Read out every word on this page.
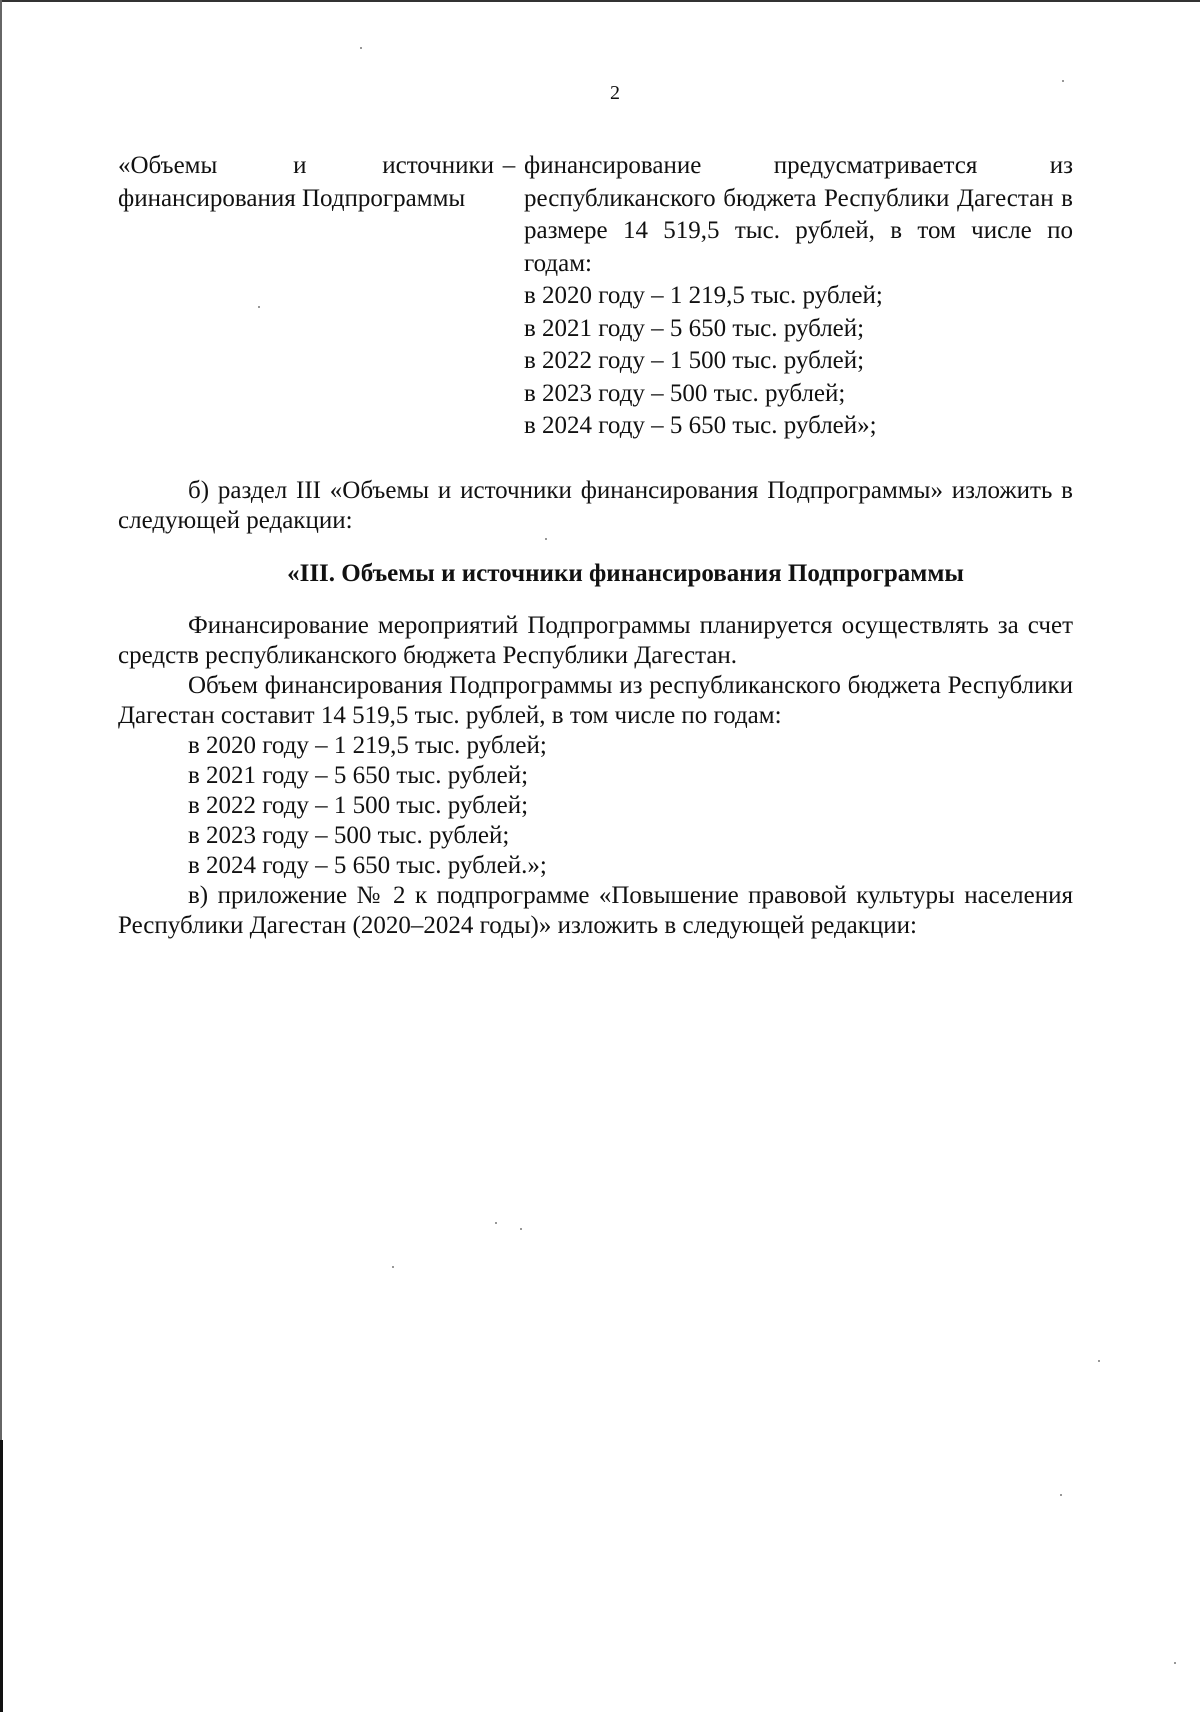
2
«Объемы и источники финансирования Подпрограммы
– финансирование предусматривается из республиканского бюджета Республики Дагестан в размере 14 519,5 тыс. рублей, в том числе по годам:
в 2020 году – 1 219,5 тыс. рублей;
в 2021 году – 5 650 тыс. рублей;
в 2022 году – 1 500 тыс. рублей;
в 2023 году – 500 тыс. рублей;
в 2024 году – 5 650 тыс. рублей»;

б) раздел III «Объемы и источники финансирования Подпрограммы» изложить в следующей редакции:

«III. Объемы и источники финансирования Подпрограммы

Финансирование мероприятий Подпрограммы планируется осуществлять за счет средств республиканского бюджета Республики Дагестан.

Объем финансирования Подпрограммы из республиканского бюджета Республики Дагестан составит 14 519,5 тыс. рублей, в том числе по годам:

в 2020 году – 1 219,5 тыс. рублей;

в 2021 году – 5 650 тыс. рублей;

в 2022 году – 1 500 тыс. рублей;

в 2023 году – 500 тыс. рублей;

в 2024 году – 5 650 тыс. рублей.»;

в) приложение № 2 к подпрограмме «Повышение правовой культуры населения Республики Дагестан (2020–2024 годы)» изложить в следующей редакции:
